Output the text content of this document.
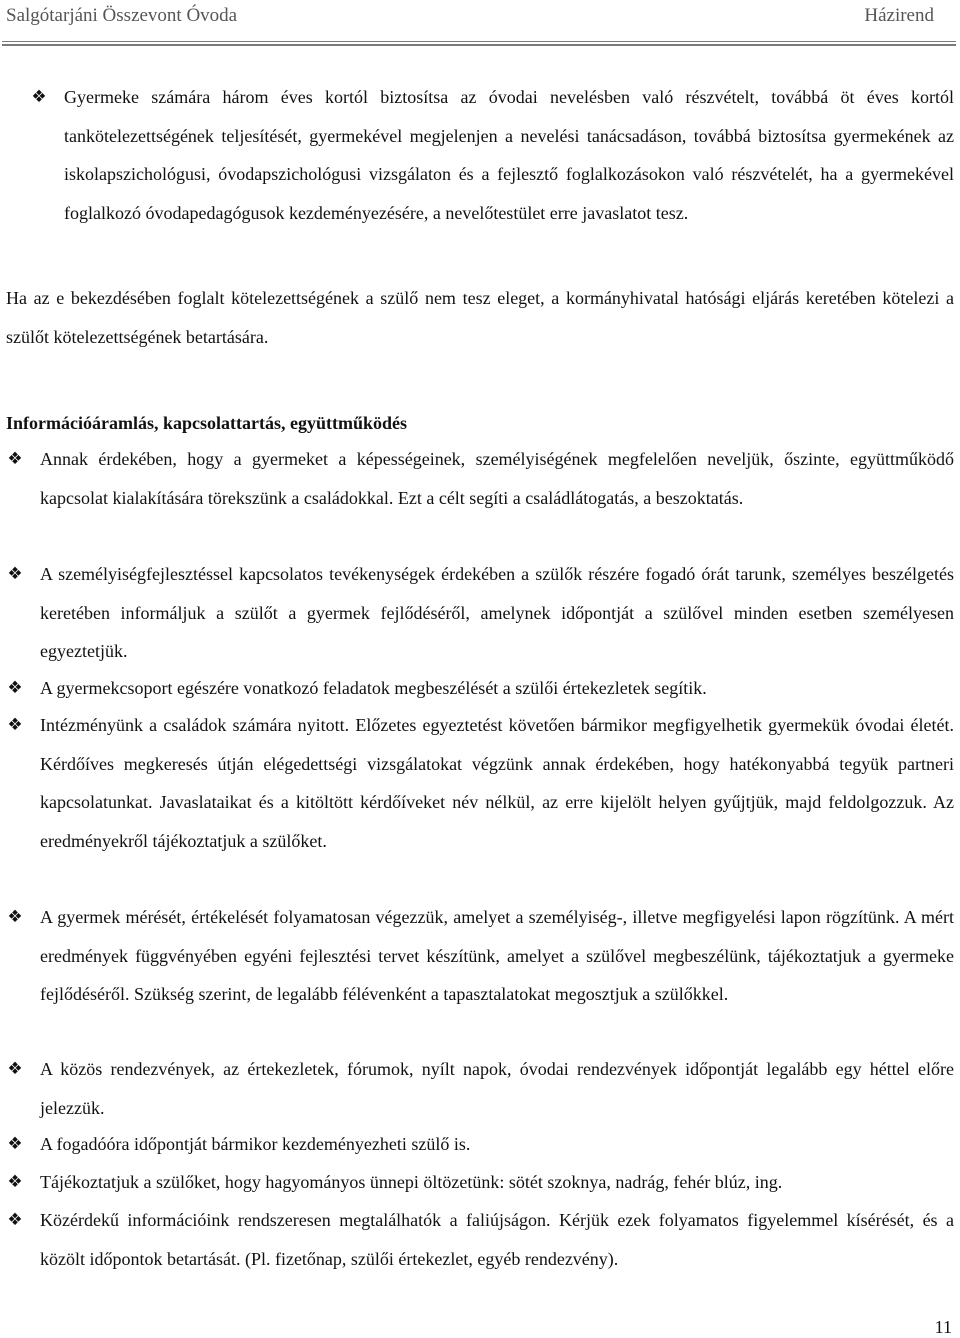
Salgótarjáni Összevont Óvoda	Házirend
❖ Gyermeke számára három éves kortól biztosítsa az óvodai nevelésben való részvételt, továbbá öt éves kortól tankötelezettségének teljesítését, gyermekével megjelenjen a nevelési tanácsadáson, továbbá biztosítsa gyermekének az iskolapszichológusi, óvodapszichológusi vizsgálaton és a fejlesztő foglalkozásokon való részvételét, ha a gyermekével foglalkozó óvodapedagógusok kezdeményezésére, a nevelőtestület erre javaslatot tesz.
Ha az e bekezdésében foglalt kötelezettségének a szülő nem tesz eleget, a kormányhivatal hatósági eljárás keretében kötelezi a szülőt kötelezettségének betartására.
Információáramlás, kapcsolattartás, együttműködés
❖ Annak érdekében, hogy a gyermeket a képességeinek, személyiségének megfelelően neveljük, őszinte, együttműködő kapcsolat kialakítására törekszünk a családokkal. Ezt a célt segíti a családlátogatás, a beszoktatás.
❖ A személyiségfejlesztéssel kapcsolatos tevékenységek érdekében a szülők részére fogadó órát tarunk, személyes beszélgetés keretében informáljuk a szülőt a gyermek fejlődéséről, amelynek időpontját a szülővel minden esetben személyesen egyeztetjük.
❖ A gyermekcsoport egészére vonatkozó feladatok megbeszélését a szülői értekezletek segítik.
❖ Intézményünk a családok számára nyitott. Előzetes egyeztetést követően bármikor megfigyelhetik gyermekük óvodai életét. Kérdőíves megkeresés útján elégedettségi vizsgálatokat végzünk annak érdekében, hogy hatékonyabbá tegyük partneri kapcsolatunkat. Javaslataikat és a kitöltött kérdőíveket név nélkül, az erre kijelölt helyen gyűjtjük, majd feldolgozzuk. Az eredményekről tájékoztatjuk a szülőket.
❖ A gyermek mérését, értékelését folyamatosan végezzük, amelyet a személyiség-, illetve megfigyelési lapon rögzítünk. A mért eredmények függvényében egyéni fejlesztési tervet készítünk, amelyet a szülővel megbeszélünk, tájékoztatjuk a gyermeke fejlődéséről. Szükség szerint, de legalább félévenként a tapasztalatokat megosztjuk a szülőkkel.
❖ A közös rendezvények, az értekezletek, fórumok, nyílt napok, óvodai rendezvények időpontját legalább egy héttel előre jelezzük.
❖ A fogadóóra időpontját bármikor kezdeményezheti szülő is.
❖ Tájékoztatjuk a szülőket, hogy hagyományos ünnepi öltözetünk: sötét szoknya, nadrág, fehér blúz, ing.
❖ Közérdekű információink rendszeresen megtalálhatók a faliújságon. Kérjük ezek folyamatos figyelemmel kísérését, és a közölt időpontok betartását. (Pl. fizetőnap, szülői értekezlet, egyéb rendezvény).
11
